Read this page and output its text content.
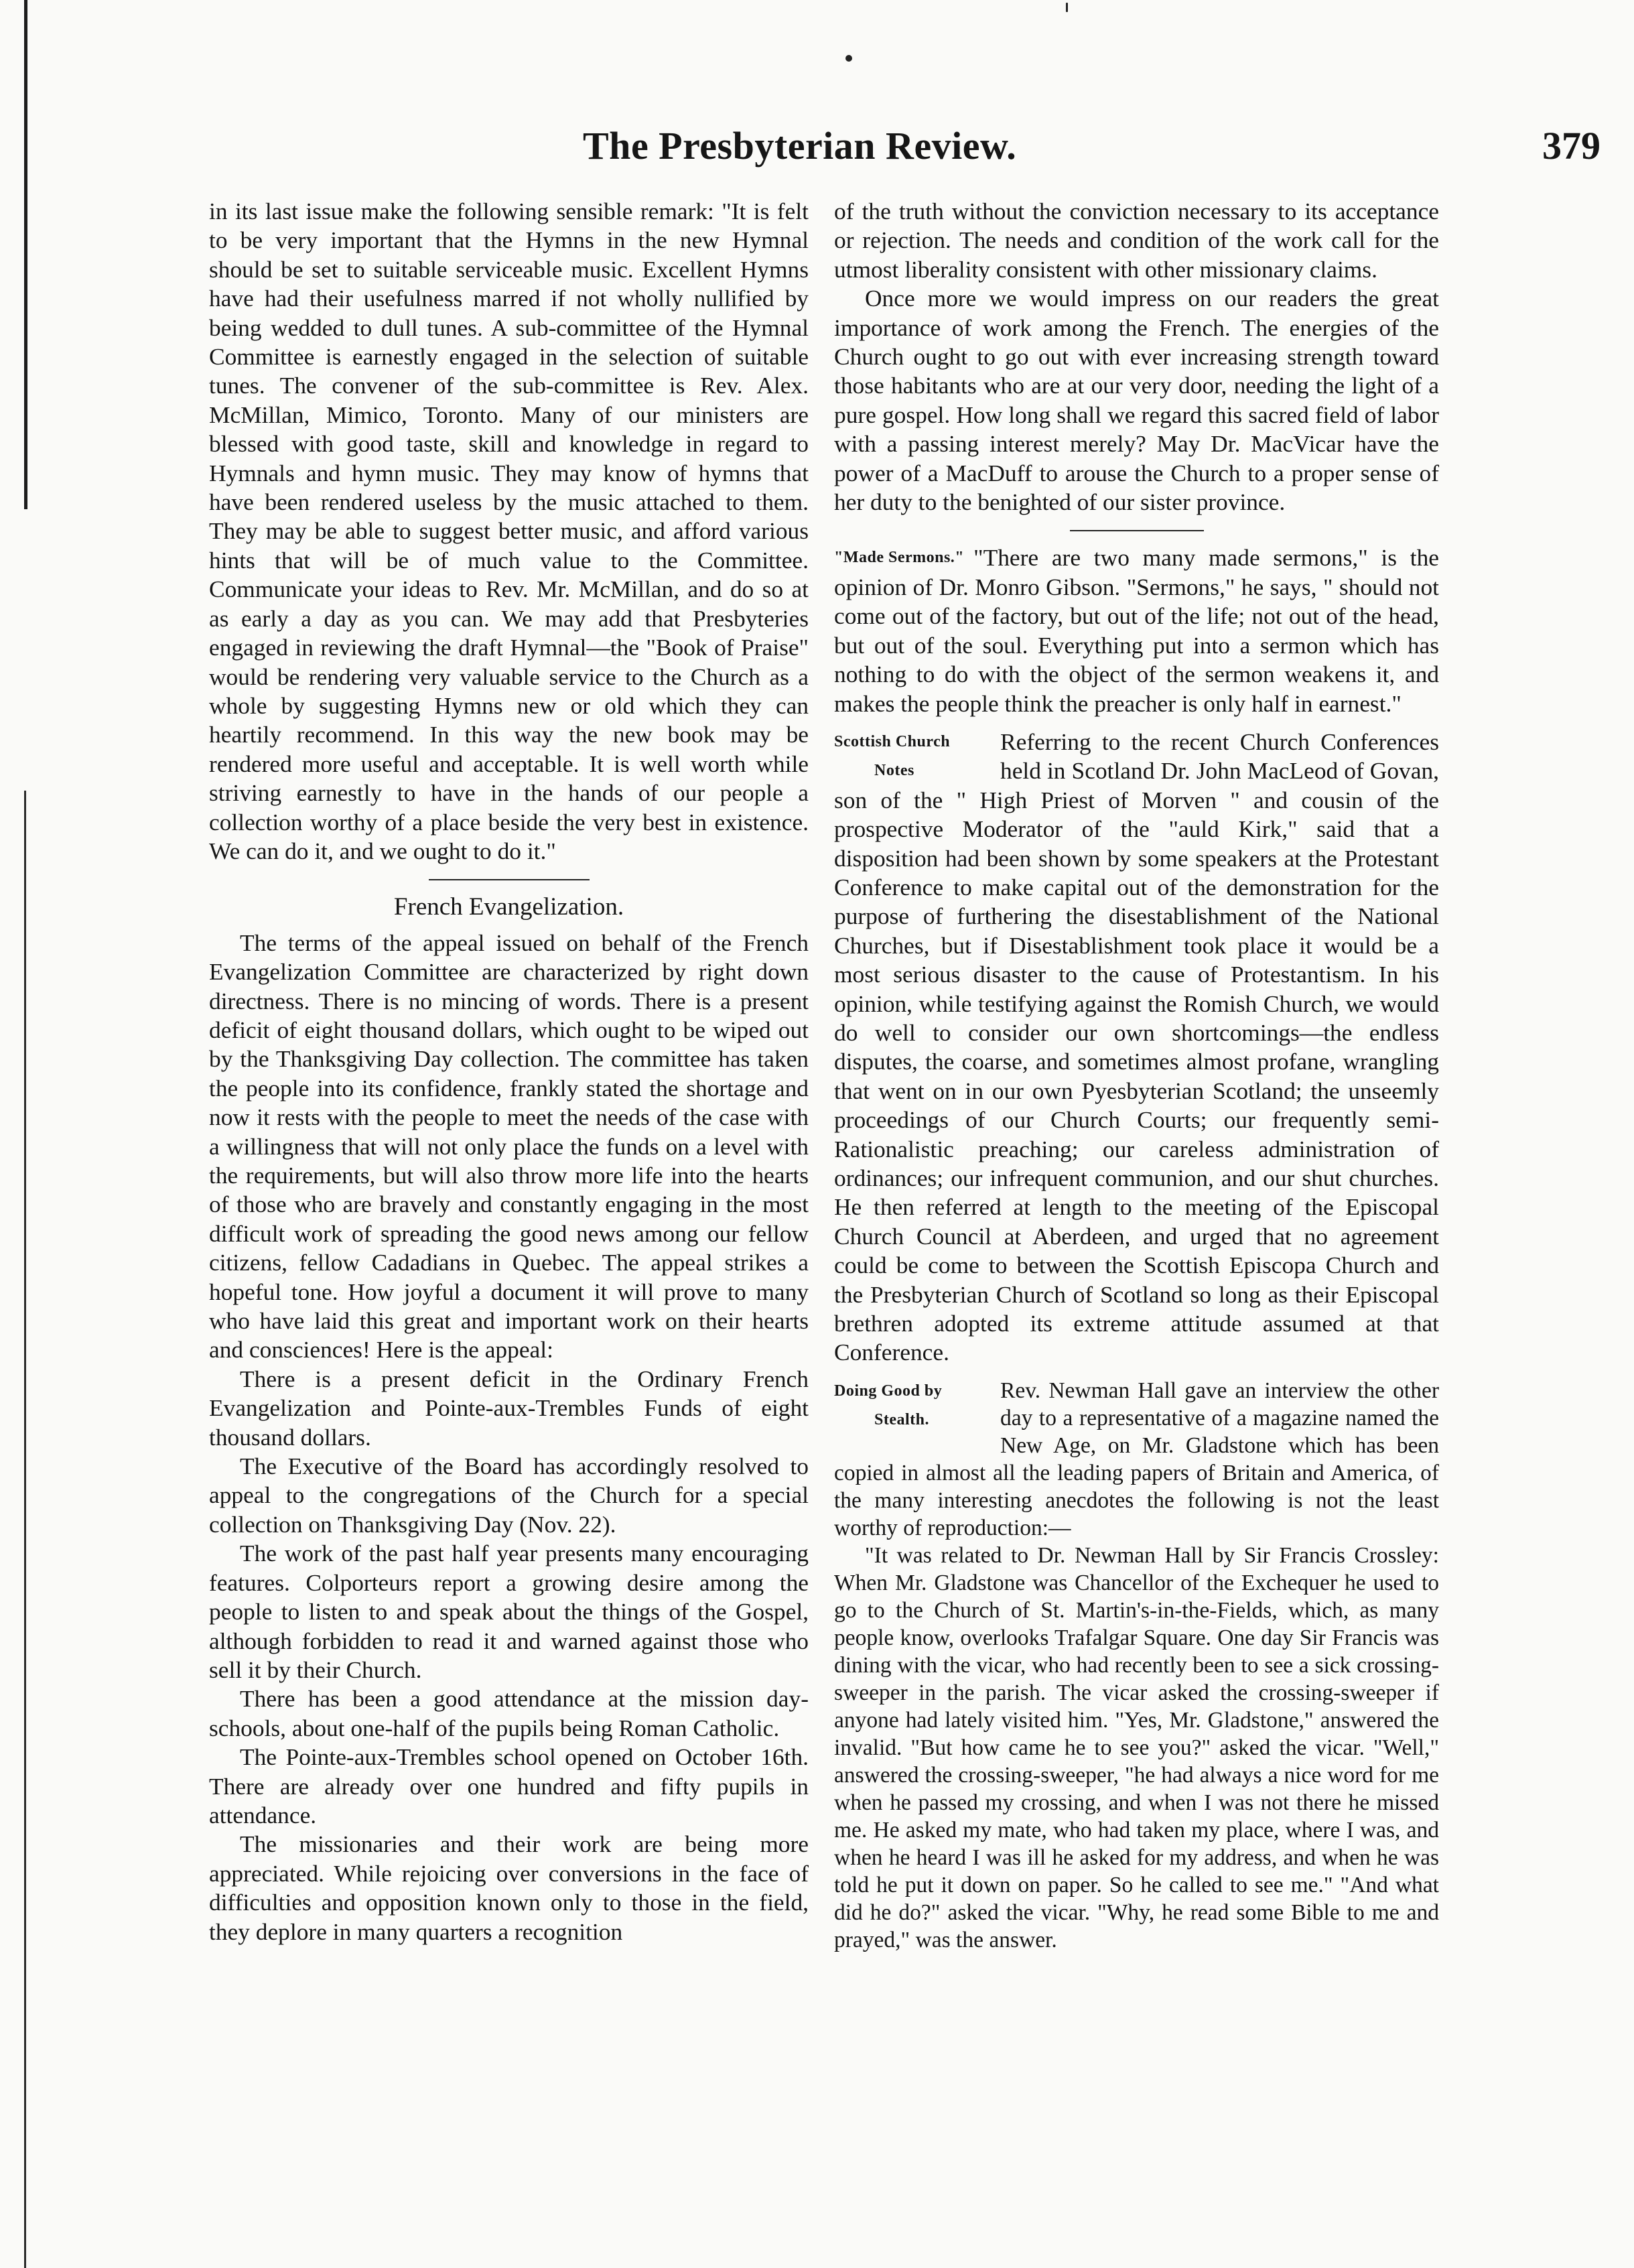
The Presbyterian Review.	379

in its last issue make the following sensible remark: "It is felt to be very important that the Hymns in the new Hymnal should be set to suitable serviceable music. Excellent Hymns have had their usefulness marred if not wholly nullified by being wedded to dull tunes. A sub-committee of the Hymnal Committee is earnestly engaged in the selection of suitable tunes. The convener of the sub-committee is Rev. Alex. McMillan, Mimico, Toronto. Many of our ministers are blessed with good taste, skill and knowledge in regard to Hymnals and hymn music. They may know of hymns that have been rendered useless by the music attached to them. They may be able to suggest better music, and afford various hints that will be of much value to the Committee. Communicate your ideas to Rev. Mr. McMillan, and do so at as early a day as you can. We may add that Presbyteries engaged in reviewing the draft Hymnal—the "Book of Praise" would be rendering very valuable service to the Church as a whole by suggesting Hymns new or old which they can heartily recommend. In this way the new book may be rendered more useful and acceptable. It is well worth while striving earnestly to have in the hands of our people a collection worthy of a place beside the very best in existence. We can do it, and we ought to do it."

French Evangelization.

The terms of the appeal issued on behalf of the French Evangelization Committee are characterized by right down directness. There is no mincing of words. There is a present deficit of eight thousand dollars, which ought to be wiped out by the Thanksgiving Day collection. The committee has taken the people into its confidence, frankly stated the shortage and now it rests with the people to meet the needs of the case with a willingness that will not only place the funds on a level with the requirements, but will also throw more life into the hearts of those who are bravely and constantly engaging in the most difficult work of spreading the good news among our fellow citizens, fellow Cadadians in Quebec. The appeal strikes a hopeful tone. How joyful a document it will prove to many who have laid this great and important work on their hearts and consciences! Here is the appeal:

There is a present deficit in the Ordinary French Evangelization and Pointe-aux-Trembles Funds of eight thousand dollars.

The Executive of the Board has accordingly resolved to appeal to the congregations of the Church for a special collection on Thanksgiving Day (Nov. 22).

The work of the past half year presents many encouraging features. Colporteurs report a growing desire among the people to listen to and speak about the things of the Gospel, although forbidden to read it and warned against those who sell it by their Church.

There has been a good attendance at the mission day-schools, about one-half of the pupils being Roman Catholic.

The Pointe-aux-Trembles school opened on October 16th. There are already over one hundred and fifty pupils in attendance.

The missionaries and their work are being more appreciated. While rejoicing over conversions in the face of difficulties and opposition known only to those in the field, they deplore in many quarters a recognition

of the truth without the conviction necessary to its acceptance or rejection. The needs and condition of the work call for the utmost liberality consistent with other missionary claims.

Once more we would impress on our readers the great importance of work among the French. The energies of the Church ought to go out with ever increasing strength toward those habitants who are at our very door, needing the light of a pure gospel. How long shall we regard this sacred field of labor with a passing interest merely? May Dr. MacVicar have the power of a MacDuff to arouse the Church to a proper sense of her duty to the benighted of our sister province.

"Made Sermons." "There are two many made sermons," is the opinion of Dr. Monro Gibson. "Sermons," he says, " should not come out of the factory, but out of the life; not out of the head, but out of the soul. Everything put into a sermon which has nothing to do with the object of the sermon weakens it, and makes the people think the preacher is only half in earnest."

Scottish Church
Notes
Referring to the recent Church Conferences held in Scotland Dr. John MacLeod of Govan, son of the " High Priest of Morven " and cousin of the prospective Moderator of the "auld Kirk," said that a disposition had been shown by some speakers at the Protestant Conference to make capital out of the demonstration for the purpose of furthering the disestablishment of the National Churches, but if Disestablishment took place it would be a most serious disaster to the cause of Protestantism. In his opinion, while testifying against the Romish Church, we would do well to consider our own shortcomings—the endless disputes, the coarse, and sometimes almost profane, wrangling that went on in our own Pyesbyterian Scotland; the unseemly proceedings of our Church Courts; our frequently semi-Rationalistic preaching; our careless administration of ordinances; our infrequent communion, and our shut churches. He then referred at length to the meeting of the Episcopal Church Council at Aberdeen, and urged that no agreement could be come to between the Scottish Episcopa Church and the Presbyterian Church of Scotland so long as their Episcopal brethren adopted its extreme attitude assumed at that Conference.

Doing Good by
Stealth.
Rev. Newman Hall gave an interview the other day to a representative of a magazine named the New Age, on Mr. Gladstone which has been copied in almost all the leading papers of Britain and America, of the many interesting anecdotes the following is not the least worthy of reproduction:—

"It was related to Dr. Newman Hall by Sir Francis Crossley: When Mr. Gladstone was Chancellor of the Exchequer he used to go to the Church of St. Martin's-in-the-Fields, which, as many people know, overlooks Trafalgar Square. One day Sir Francis was dining with the vicar, who had recently been to see a sick crossing-sweeper in the parish. The vicar asked the crossing-sweeper if anyone had lately visited him. "Yes, Mr. Gladstone," answered the invalid. "But how came he to see you?" asked the vicar. "Well," answered the crossing-sweeper, "he had always a nice word for me when he passed my crossing, and when I was not there he missed me. He asked my mate, who had taken my place, where I was, and when he heard I was ill he asked for my address, and when he was told he put it down on paper. So he called to see me." "And what did he do?" asked the vicar. "Why, he read some Bible to me and prayed," was the answer.
